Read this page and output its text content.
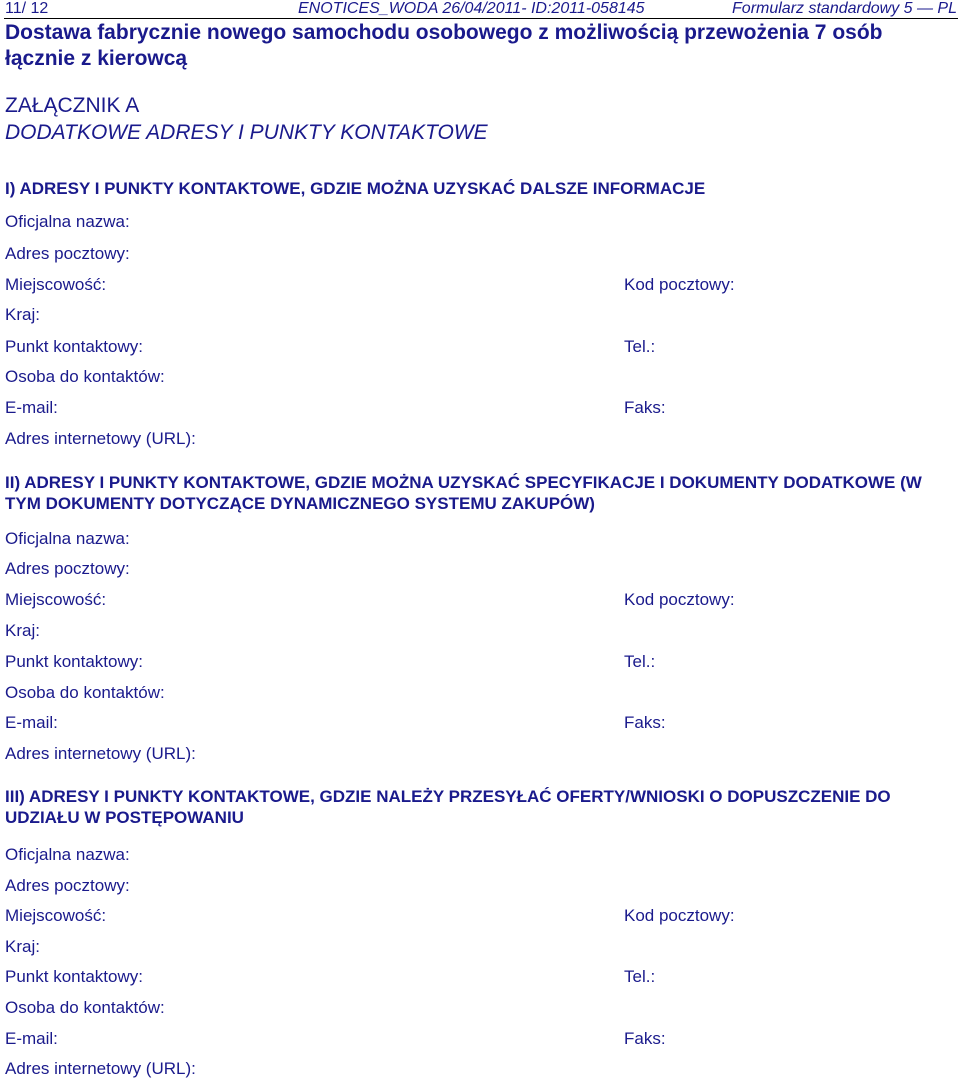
11/ 12	ENOTICES_WODA 26/04/2011- ID:2011-058145	Formularz standardowy 5 — PL
Dostawa fabrycznie nowego samochodu osobowego z możliwością przewożenia 7 osób łącznie z kierowcą
ZAŁĄCZNIK A
DODATKOWE ADRESY I PUNKTY KONTAKTOWE
I) ADRESY I PUNKTY KONTAKTOWE, GDZIE MOŻNA UZYSKAĆ DALSZE INFORMACJE
Oficjalna nazwa:
Adres pocztowy:
Miejscowość:	Kod pocztowy:
Kraj:
Punkt kontaktowy:	Tel.:
Osoba do kontaktów:
E-mail:	Faks:
Adres internetowy (URL):
II) ADRESY I PUNKTY KONTAKTOWE, GDZIE MOŻNA UZYSKAĆ SPECYFIKACJE I DOKUMENTY DODATKOWE (W TYM DOKUMENTY DOTYCZĄCE DYNAMICZNEGO SYSTEMU ZAKUPÓW)
Oficjalna nazwa:
Adres pocztowy:
Miejscowość:	Kod pocztowy:
Kraj:
Punkt kontaktowy:	Tel.:
Osoba do kontaktów:
E-mail:	Faks:
Adres internetowy (URL):
III) ADRESY I PUNKTY KONTAKTOWE, GDZIE NALEŻY PRZESYŁAĆ OFERTY/WNIOSKI O DOPUSZCZENIE DO UDZIAŁU W POSTĘPOWANIU
Oficjalna nazwa:
Adres pocztowy:
Miejscowość:	Kod pocztowy:
Kraj:
Punkt kontaktowy:	Tel.:
Osoba do kontaktów:
E-mail:	Faks:
Adres internetowy (URL):
